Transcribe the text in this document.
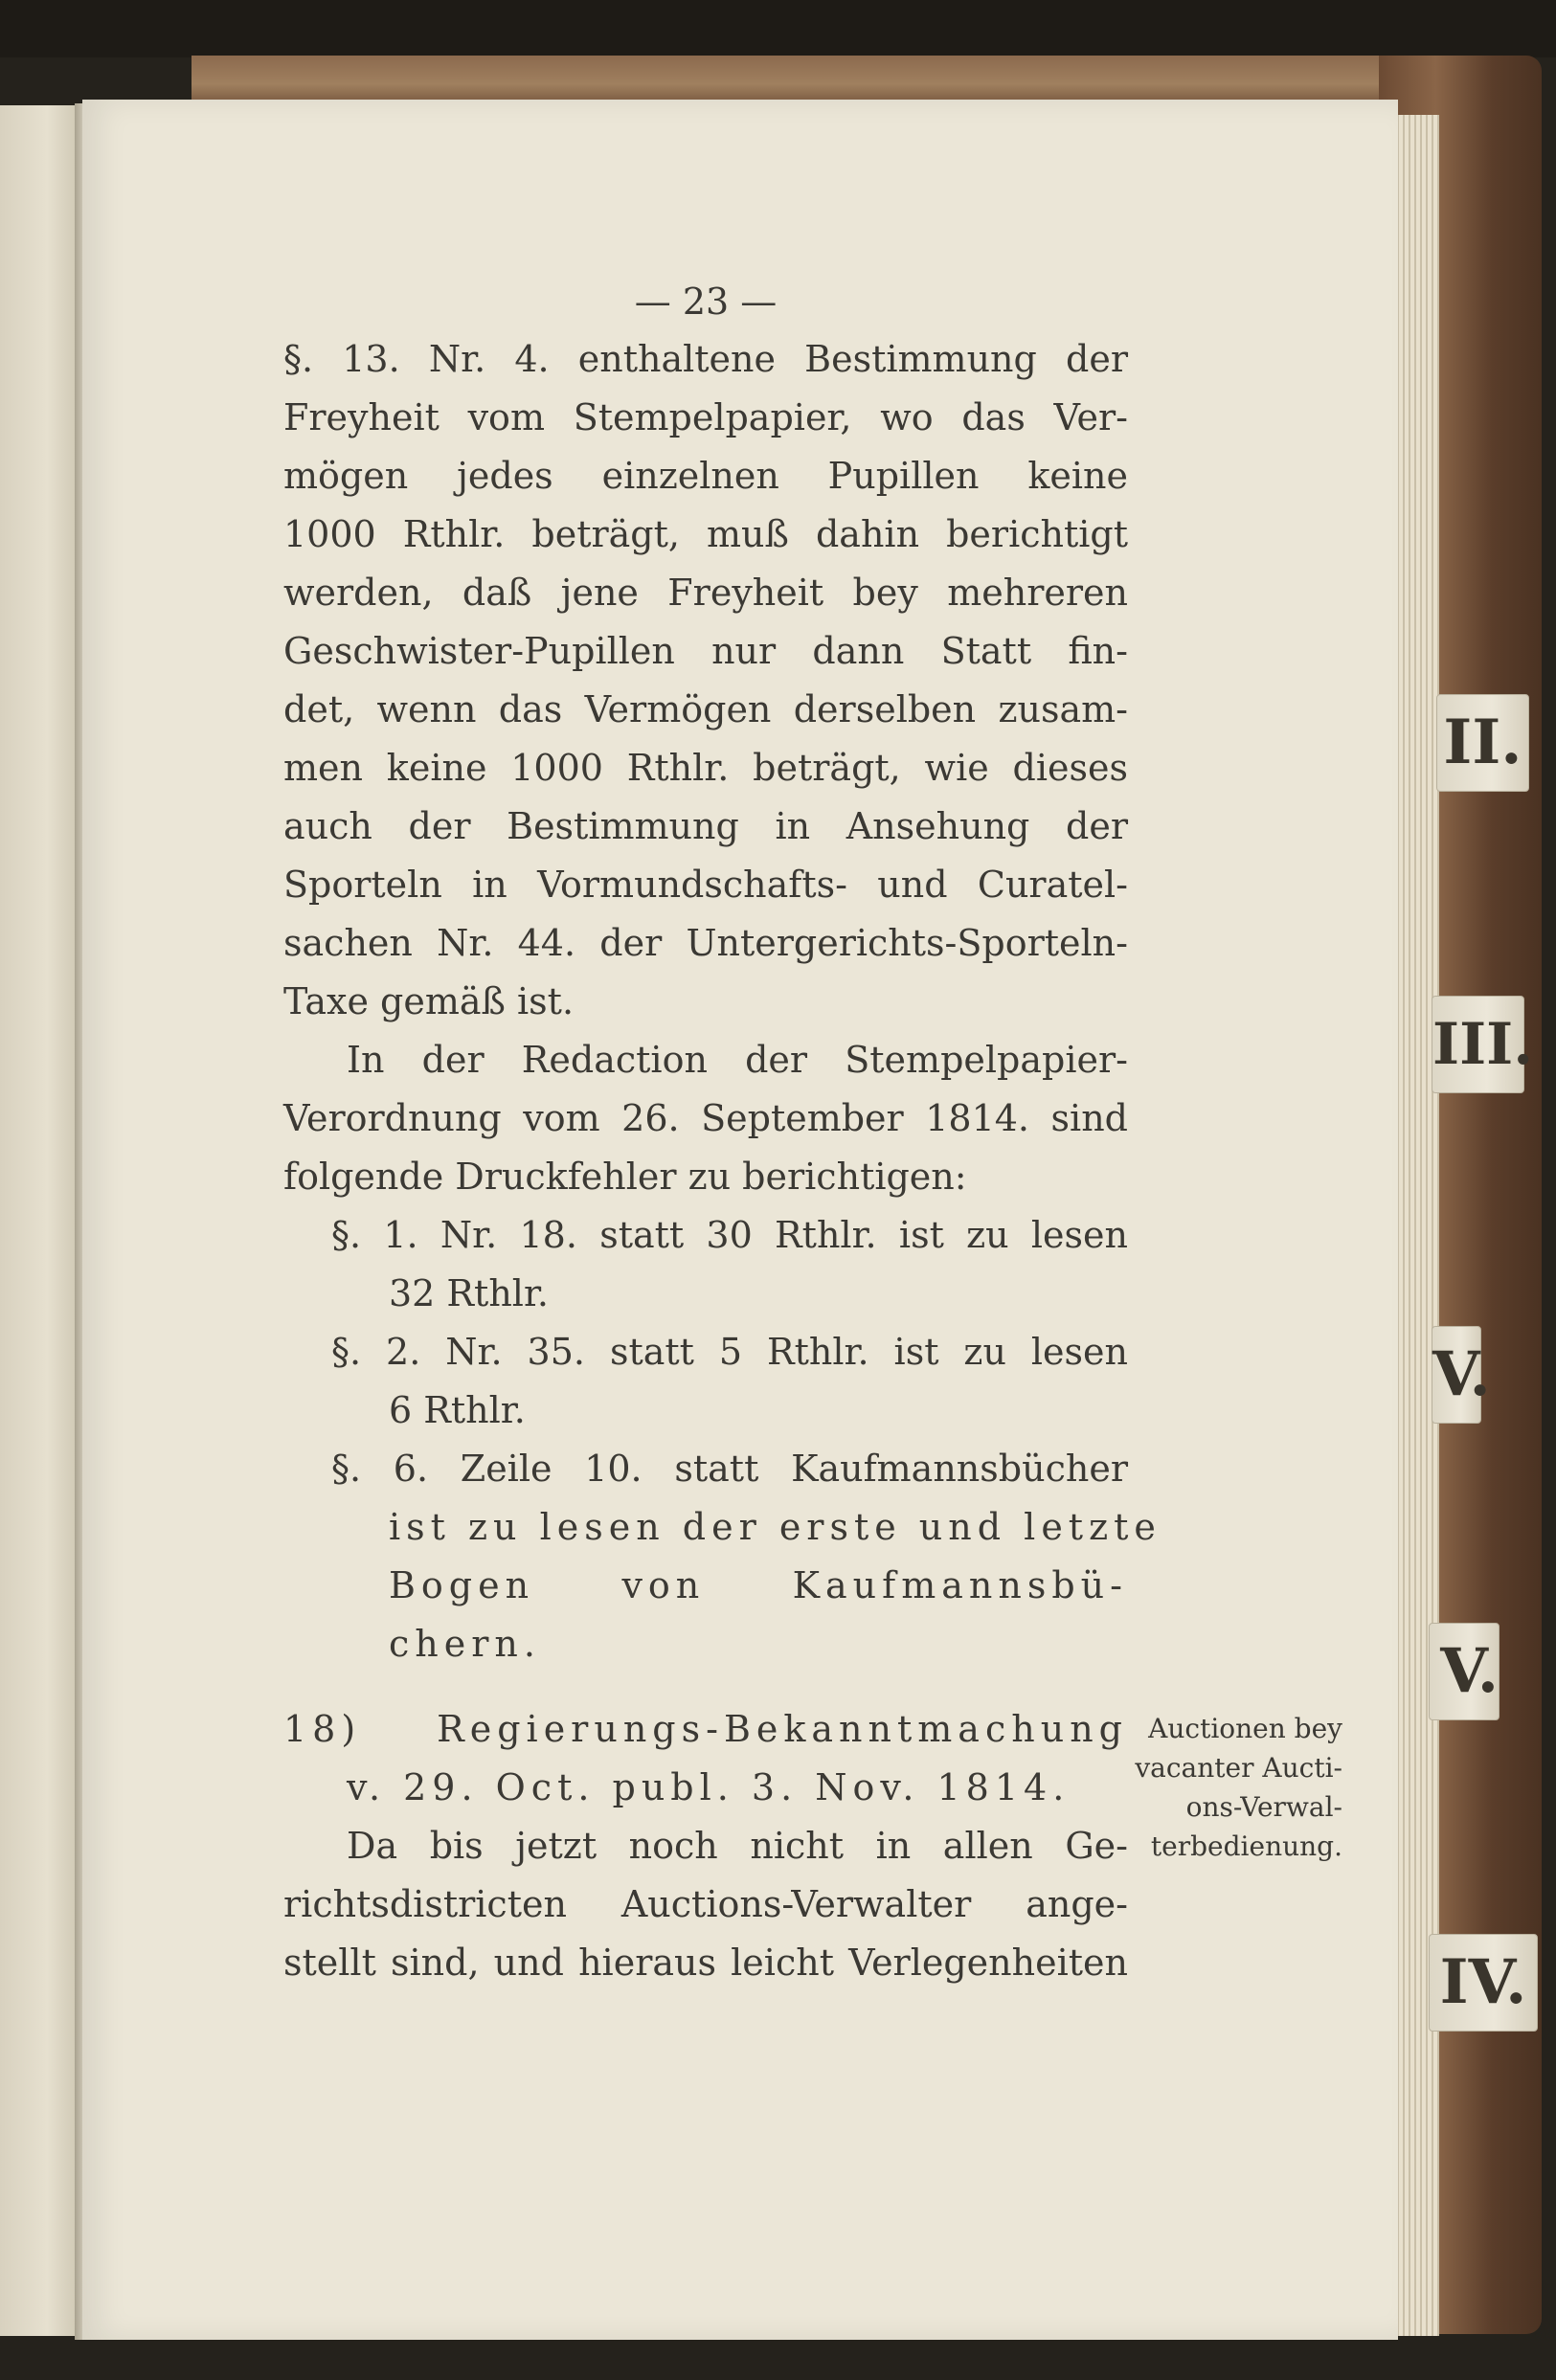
II.
III.
V.
V.
IV.
— 23 —
§. 13. Nr. 4. enthaltene Bestimmung der
Freyheit vom Stempelpapier, wo das Ver-
mögen jedes einzelnen Pupillen keine
1000 Rthlr. beträgt, muß dahin berichtigt
werden, daß jene Freyheit bey mehreren
Geschwister-Pupillen nur dann Statt fin-
det, wenn das Vermögen derselben zusam-
men keine 1000 Rthlr. beträgt, wie dieses
auch der Bestimmung in Ansehung der
Sporteln in Vormundschafts- und Curatel-
sachen Nr. 44. der Untergerichts-Sporteln-
Taxe gemäß ist.
In der Redaction der Stempelpapier-
Verordnung vom 26. September 1814. sind
folgende Druckfehler zu berichtigen:
§. 1. Nr. 18. statt 30 Rthlr. ist zu lesen
32 Rthlr.
§. 2. Nr. 35. statt 5 Rthlr. ist zu lesen
6 Rthlr.
§. 6. Zeile 10. statt Kaufmannsbücher
ist zu lesen der erste und letzte
Bogen von Kaufmannsbü-
chern.
18) Regierungs-Bekanntmachung
v. 29. Oct. publ. 3. Nov. 1814.
Da bis jetzt noch nicht in allen Ge-
richtsdistricten Auctions-Verwalter ange-
stellt sind, und hieraus leicht Verlegenheiten
Auctionen bey
vacanter Aucti-
ons-Verwal-
terbedienung.
